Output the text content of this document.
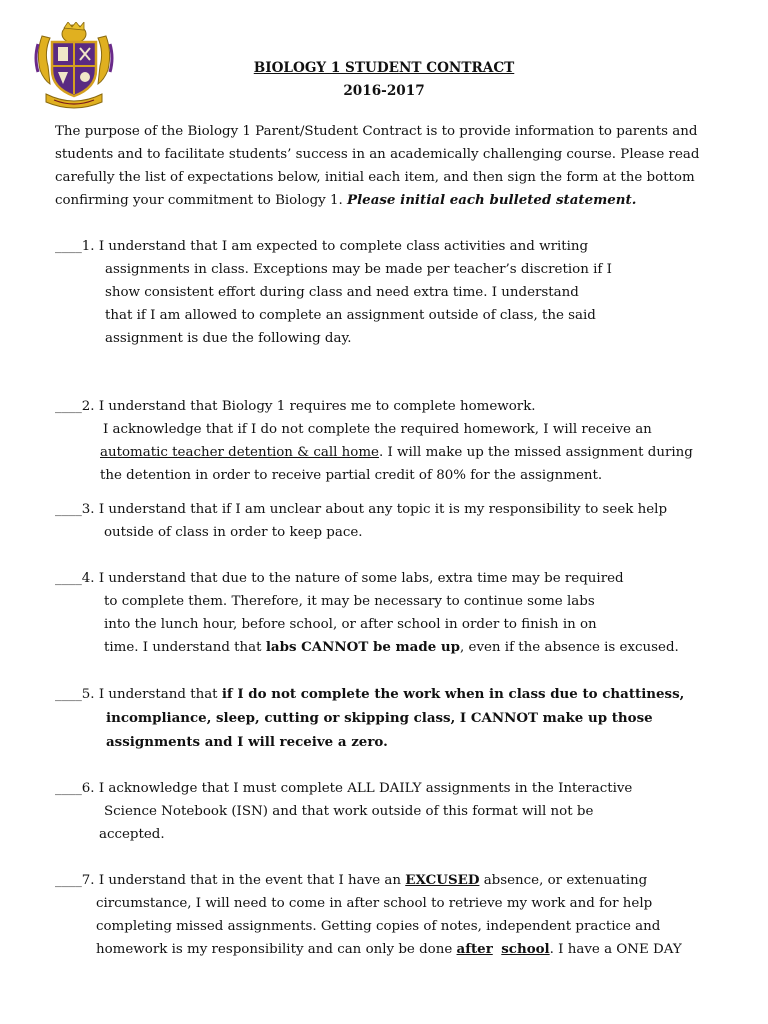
BIOLOGY 1 STUDENT CONTRACT
2016-2017
The purpose of the Biology 1 Parent/Student Contract is to provide information to parents and
students and to facilitate students’ success in an academically challenging course. Please read
carefully the list of expectations below, initial each item, and then sign the form at the bottom
confirming your commitment to Biology 1. Please initial each bulleted statement.
____1. I understand that I am expected to complete class activities and writing
assignments in class. Exceptions may be made per teacher’s discretion if I
show consistent effort during class and need extra time. I understand
that if I am allowed to complete an assignment outside of class, the said
assignment is due the following day.
____2. I understand that Biology 1 requires me to complete homework.
I acknowledge that if I do not complete the required homework, I will receive an
automatic teacher detention & call home. I will make up the missed assignment during
the detention in order to receive partial credit of 80% for the assignment.
____3. I understand that if I am unclear about any topic it is my responsibility to seek help
outside of class in order to keep pace.
____4. I understand that due to the nature of some labs, extra time may be required
to complete them. Therefore, it may be necessary to continue some labs
into the lunch hour, before school, or after school in order to finish in on
time. I understand that labs CANNOT be made up, even if the absence is excused.
____5. I understand that if I do not complete the work when in class due to chattiness,
incompliance, sleep, cutting or skipping class, I CANNOT make up those
assignments and I will receive a zero.
____6. I acknowledge that I must complete ALL DAILY assignments in the Interactive
Science Notebook (ISN) and that work outside of this format will not be
accepted.
____7. I understand that in the event that I have an EXCUSED absence, or extenuating
circumstance, I will need to come in after school to retrieve my work and for help
completing missed assignments. Getting copies of notes, independent practice and
homework is my responsibility and can only be done after school. I have a ONE DAY
